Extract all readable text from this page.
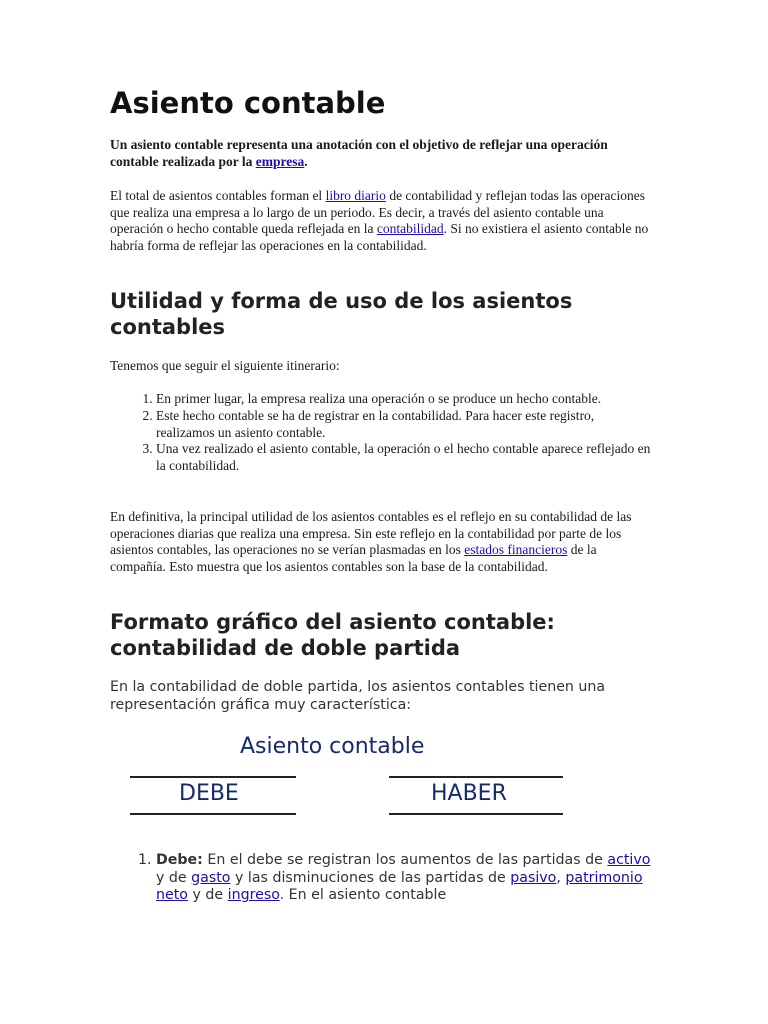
Asiento contable

Un asiento contable representa una anotación con el objetivo de reflejar una operación contable realizada por la empresa.

El total de asientos contables forman el libro diario de contabilidad y reflejan todas las operaciones que realiza una empresa a lo largo de un periodo. Es decir, a través del asiento contable una operación o hecho contable queda reflejada en la contabilidad. Si no existiera el asiento contable no habría forma de reflejar las operaciones en la contabilidad.

Utilidad y forma de uso de los asientos contables

Tenemos que seguir el siguiente itinerario:

1. En primer lugar, la empresa realiza una operación o se produce un hecho contable.
2. Este hecho contable se ha de registrar en la contabilidad. Para hacer este registro, realizamos un asiento contable.
3. Una vez realizado el asiento contable, la operación o el hecho contable aparece reflejado en la contabilidad.

En definitiva, la principal utilidad de los asientos contables es el reflejo en su contabilidad de las operaciones diarias que realiza una empresa. Sin este reflejo en la contabilidad por parte de los asientos contables, las operaciones no se verían plasmadas en los estados financieros de la compañía. Esto muestra que los asientos contables son la base de la contabilidad.

Formato gráfico del asiento contable: contabilidad de doble partida

En la contabilidad de doble partida, los asientos contables tienen una representación gráfica muy característica:

1. Debe: En el debe se registran los aumentos de las partidas de activo y de gasto y las disminuciones de las partidas de pasivo, patrimonio neto y de ingreso. En el asiento contable
Asiento contable
DEBE	HABER
